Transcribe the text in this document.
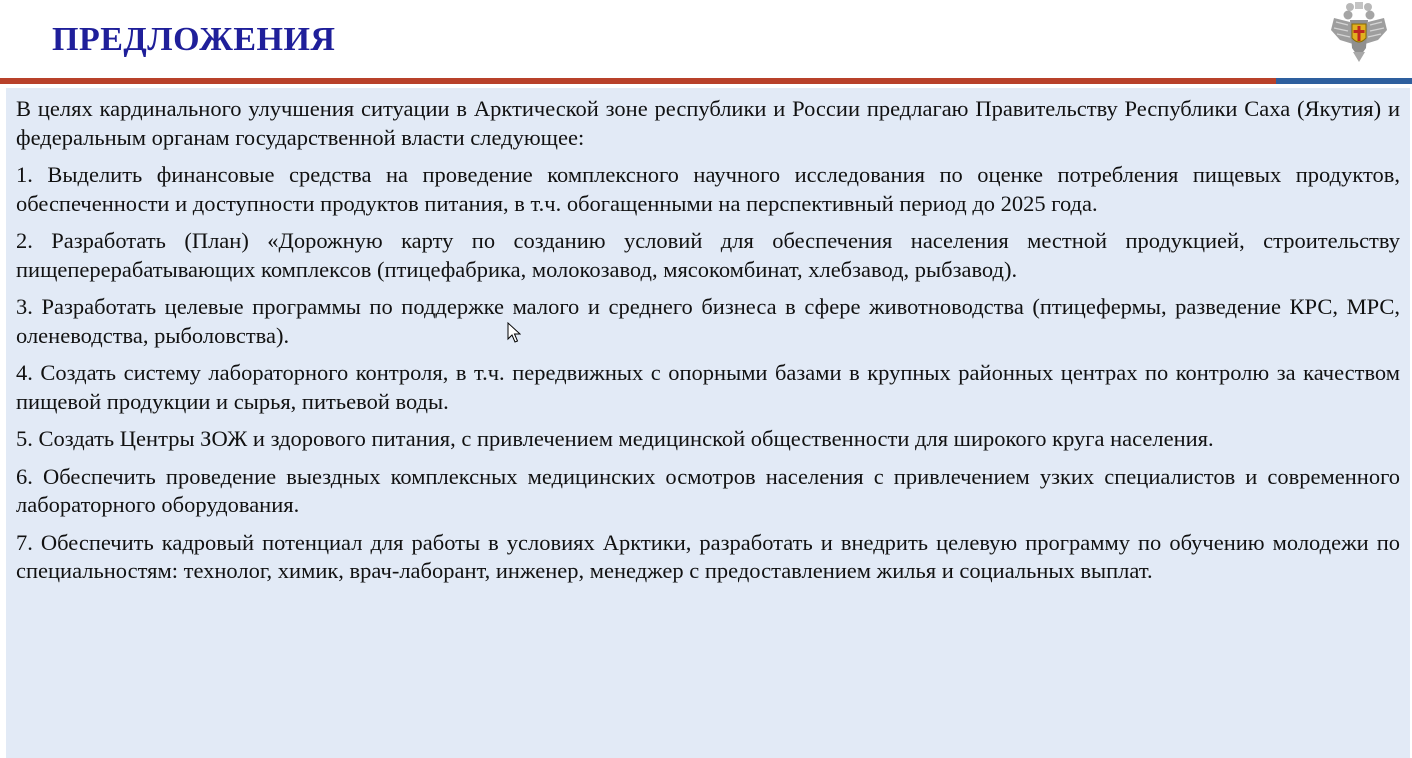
ПРЕДЛОЖЕНИЯ

В целях кардинального улучшения ситуации в Арктической зоне республики и России предлагаю Правительству Республики Саха (Якутия) и федеральным органам государственной власти следующее:

1. Выделить финансовые средства на проведение комплексного научного исследования по оценке потребления пищевых продуктов, обеспеченности и доступности продуктов питания, в т.ч. обогащенными на перспективный период до 2025 года.

2. Разработать (План) «Дорожную карту по созданию условий для обеспечения населения местной продукцией, строительству пищеперерабатывающих комплексов (птицефабрика, молокозавод, мясокомбинат, хлебзавод, рыбзавод).

3. Разработать целевые программы по поддержке малого и среднего бизнеса в сфере животноводства (птицефермы, разведение КРС, МРС, оленеводства, рыболовства).

4. Создать систему лабораторного контроля, в т.ч. передвижных с опорными базами в крупных районных центрах по контролю за качеством пищевой продукции и сырья, питьевой воды.

5. Создать Центры ЗОЖ и здорового питания, с привлечением медицинской общественности для широкого круга населения.

6. Обеспечить проведение выездных комплексных медицинских осмотров населения с привлечением узких специалистов и современного лабораторного оборудования.

7. Обеспечить кадровый потенциал для работы в условиях Арктики, разработать и внедрить целевую программу по обучению молодежи по специальностям: технолог, химик, врач-лаборант, инженер, менеджер с предоставлением жилья и социальных выплат.
